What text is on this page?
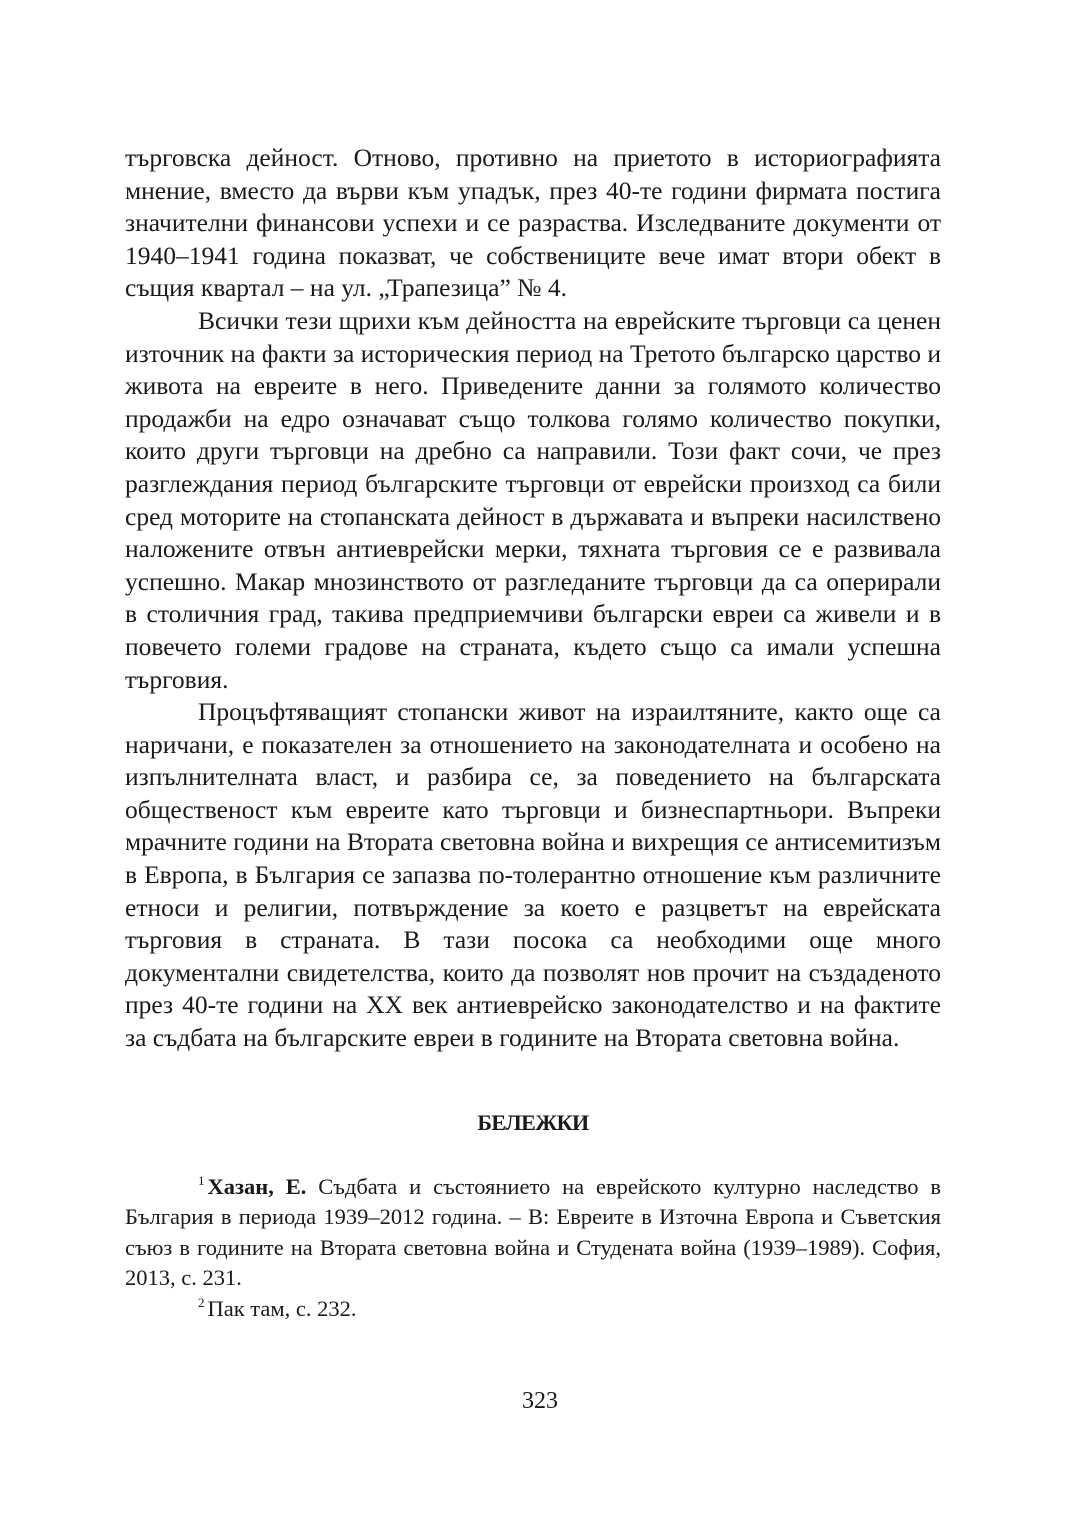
търговска дейност. Отново, противно на приетото в историографията мнение, вместо да върви към упадък, през 40-те години фирмата постига значителни финансови успехи и се разраства. Изследваните документи от 1940–1941 година показват, че собствениците вече имат втори обект в същия квартал – на ул. „Трапезица” № 4.

Всички тези щрихи към дейността на еврейските търговци са ценен източник на факти за историческия период на Третото българско царство и живота на евреите в него. Приведените данни за голямото количество продажби на едро означават също толкова голямо количество покупки, които други търговци на дребно са направили. Този факт сочи, че през разглеждания период българските търговци от еврейски произход са били сред моторите на стопанската дейност в държавата и въпреки насилствено наложените отвън антиеврейски мерки, тяхната търговия се е развивала успешно. Макар мнозинството от разгледаните търговци да са оперирали в столичния град, такива предприемчиви български евреи са живели и в повечето големи градове на страната, където също са имали успешна търговия.

Процъфтяващият стопански живот на израилтяните, както още са наричани, е показателен за отношението на законодателната и особено на изпълнителната власт, и разбира се, за поведението на българската общественост към евреите като търговци и бизнеспартньори. Въпреки мрачните години на Втората световна война и вихрещия се антисемитизъм в Европа, в България се запазва по-толерантно отношение към различните етноси и религии, потвърждение за което е разцветът на еврейската търговия в страната. В тази посока са необходими още много документални свидетелства, които да позволят нов прочит на създаденото през 40-те години на ХХ век антиеврейско законодателство и на фактите за съдбата на българските евреи в годините на Втората световна война.

БЕЛЕЖКИ

$^1$ Хазан, Е. Съдбата и състоянието на еврейското културно наследство в България в периода 1939–2012 година. – В: Евреите в Източна Европа и Съветския съюз в годините на Втората световна война и Студената война (1939–1989). София, 2013, с. 231.

$^2$ Пак там, с. 232.

323
